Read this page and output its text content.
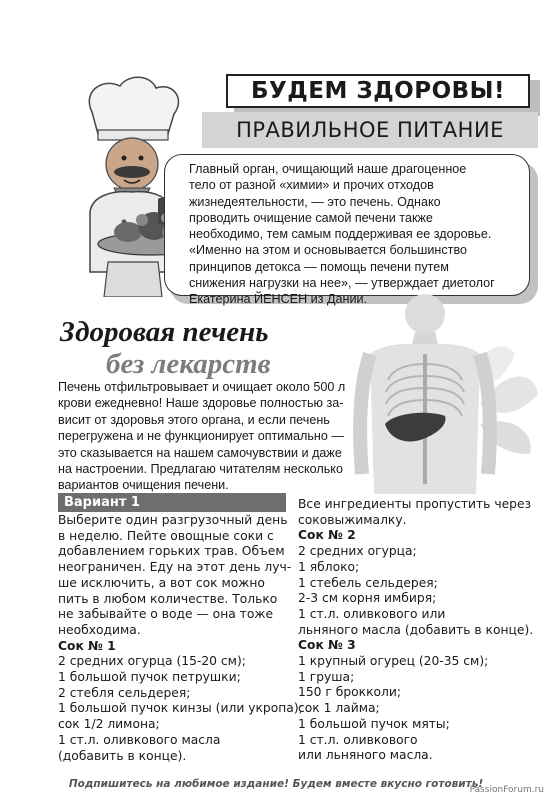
БУДЕМ ЗДОРОВЫ!
ПРАВИЛЬНОЕ ПИТАНИЕ
Главный орган, очищающий наше драгоценное
тело от разной «химии» и прочих отходов
жизнедеятельности, — это печень. Однако
проводить очищение самой печени также
необходимо, тем самым поддерживая ее здоровье.
«Именно на этом и основывается большинство
принципов детокса — помощь печени путем
снижения нагрузки на нее», — утверждает диетолог
Екатерина ЙЕНСЕН из Дании.
Здоровая печень
без лекарств
Печень отфильтровывает и очищает около 500 л
крови ежедневно! Наше здоровье полностью за-
висит от здоровья этого органа, и если печень
перегружена и не функционирует оптимально —
это сказывается на нашем самочувствии и даже
на настроении. Предлагаю читателям несколько
вариантов очищения печени.
Вариант 1
Выберите один разгрузочный день
в неделю. Пейте овощные соки с
добавлением горьких трав. Объем
неограничен. Еду на этот день луч-
ше исключить, а вот сок можно
пить в любом количестве. Только
не забывайте о воде — она тоже
необходима.
Сок № 1
2 средних огурца (15-20 см);
1 большой пучок петрушки;
2 стебля сельдерея;
1 большой пучок кинзы (или укропа);
сок 1/2 лимона;
1 ст.л. оливкового масла
(добавить в конце).
Все ингредиенты пропустить через
соковыжималку.
Сок № 2
2 средних огурца;
1 яблоко;
1 стебель сельдерея;
2-3 см корня имбиря;
1 ст.л. оливкового или
льняного масла (добавить в конце).
Сок № 3
1 крупный огурец (20-35 см);
1 груша;
150 г брокколи;
сок 1 лайма;
1 большой пучок мяты;
1 ст.л. оливкового
или льняного масла.
Подпишитесь на любимое издание! Будем вместе вкусно готовить!
PassionForum.ru
